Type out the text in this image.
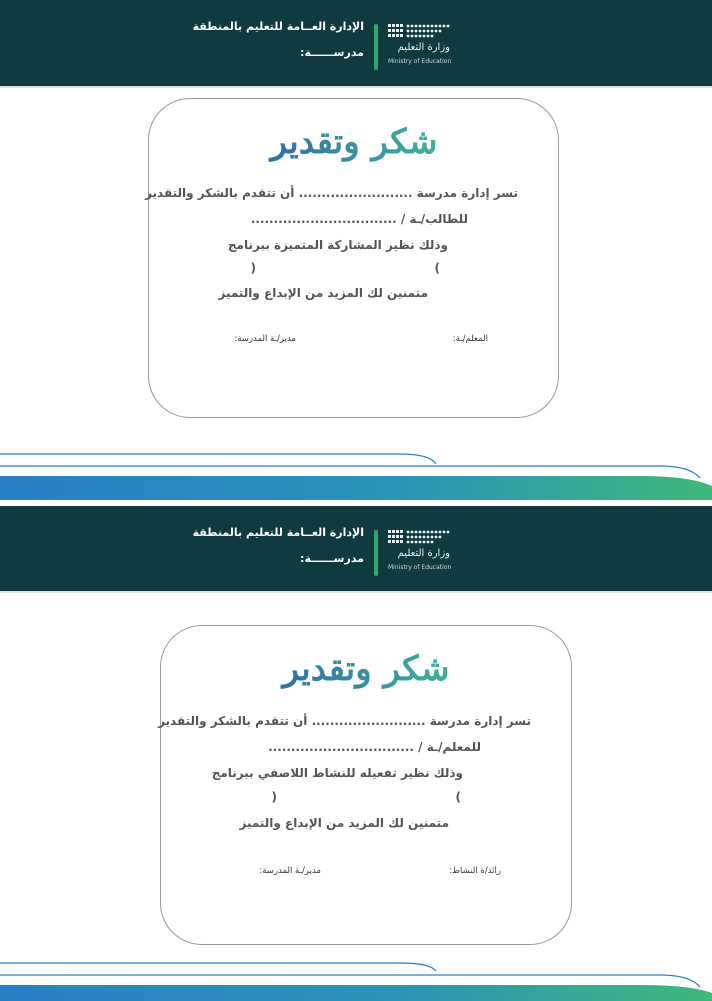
وزارة التعليم
Ministry of Education
الإدارة العــامة للتعليم بالمنطقة
مدرســــــة:
شكر وتقدير
تسر إدارة مدرسة ......................... أن تتقدم بالشكر والتقدير
للطالب/ـة / ................................
وذلك نظير المشاركة المتميزة ببرنامج
)
(
متمنين لك المزيد من الإبداع والتميز
المعلم/ـة:
مدير/ـة المدرسة:
وزارة التعليم
Ministry of Education
الإدارة العــامة للتعليم بالمنطقة
مدرســــــة:
شكر وتقدير
تسر إدارة مدرسة ......................... أن تتقدم بالشكر والتقدير
للمعلم/ـة / ................................
وذلك نظير تفعيله للنشاط اللاصفي ببرنامج
)
(
متمنين لك المزيد من الإبداع والتميز
رائد/ة النشاط:
مدير/ـة المدرسة:
